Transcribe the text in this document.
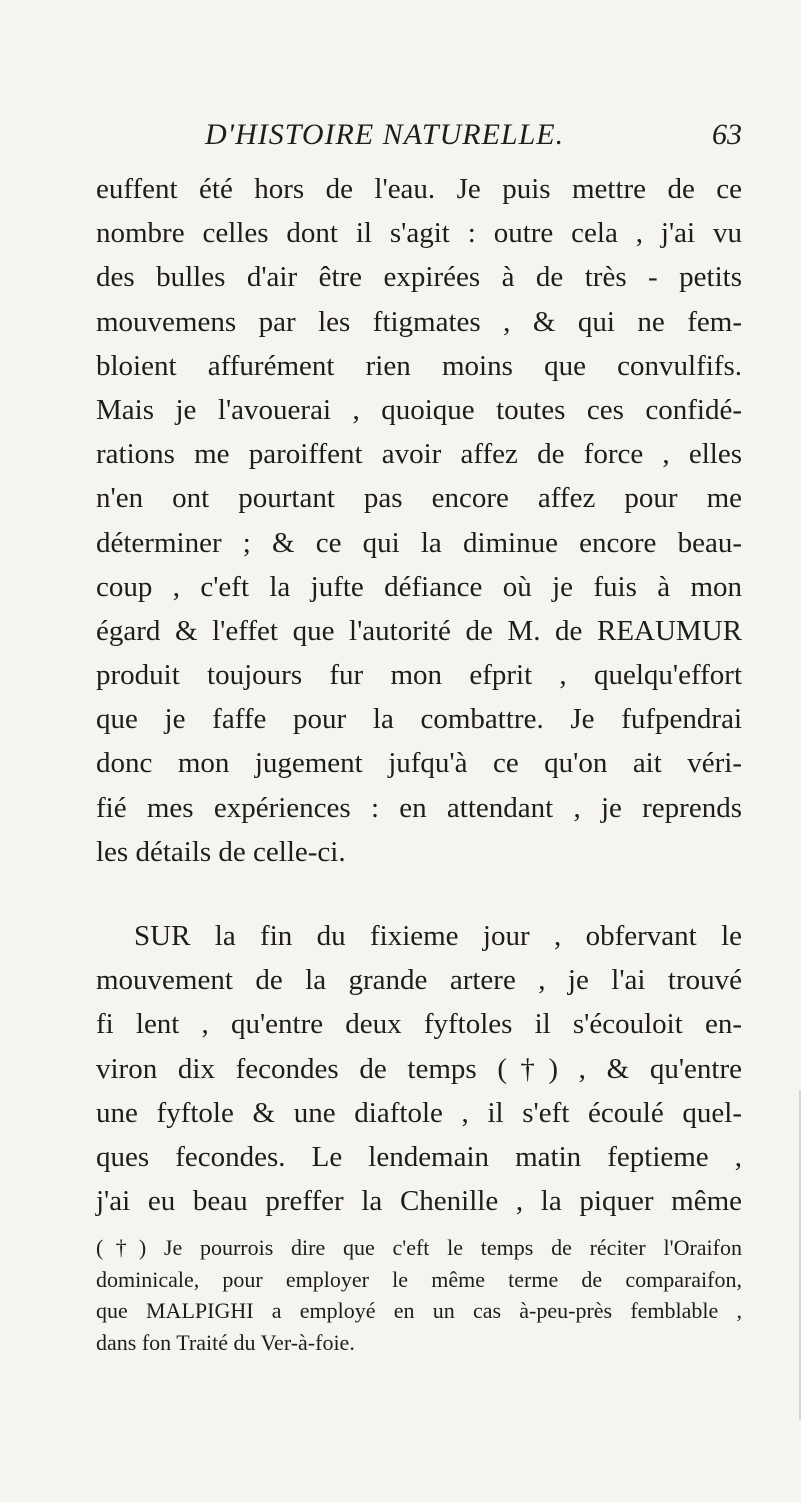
D'HISTOIRE NATURELLE.	63
euffent été hors de l'eau. Je puis mettre de ce
nombre celles dont il s'agit : outre cela , j'ai vu
des bulles d'air être expirées à de très - petits
mouvemens par les ftigmates , & qui ne fem-
bloient affurément rien moins que convulfifs.
Mais je l'avouerai , quoique toutes ces confidé-
rations me paroiffent avoir affez de force , elles
n'en ont pourtant pas encore affez pour me
déterminer ; & ce qui la diminue encore beau-
coup , c'eft la jufte défiance où je fuis à mon
égard & l'effet que l'autorité de M. de REAUMUR
produit toujours fur mon efprit , quelqu'effort
que je faffe pour la combattre. Je fufpendrai
donc mon jugement jufqu'à ce qu'on ait véri-
fié mes expériences : en attendant , je reprends
les détails de celle-ci.
SUR la fin du fixieme jour , obfervant le
mouvement de la grande artere , je l'ai trouvé
fi lent , qu'entre deux fyftoles il s'écouloit en-
viron dix fecondes de temps (†) , & qu'entre
une fyftole & une diaftole , il s'eft écoulé quel-
ques fecondes. Le lendemain matin feptieme ,
j'ai eu beau preffer la Chenille , la piquer même
(†) Je pourrois dire que c'eft le temps de réciter l'Oraifon
dominicale, pour employer le même terme de comparaifon,
que MALPIGHI a employé en un cas à-peu-près femblable ,
dans fon Traité du Ver-à-foie.
